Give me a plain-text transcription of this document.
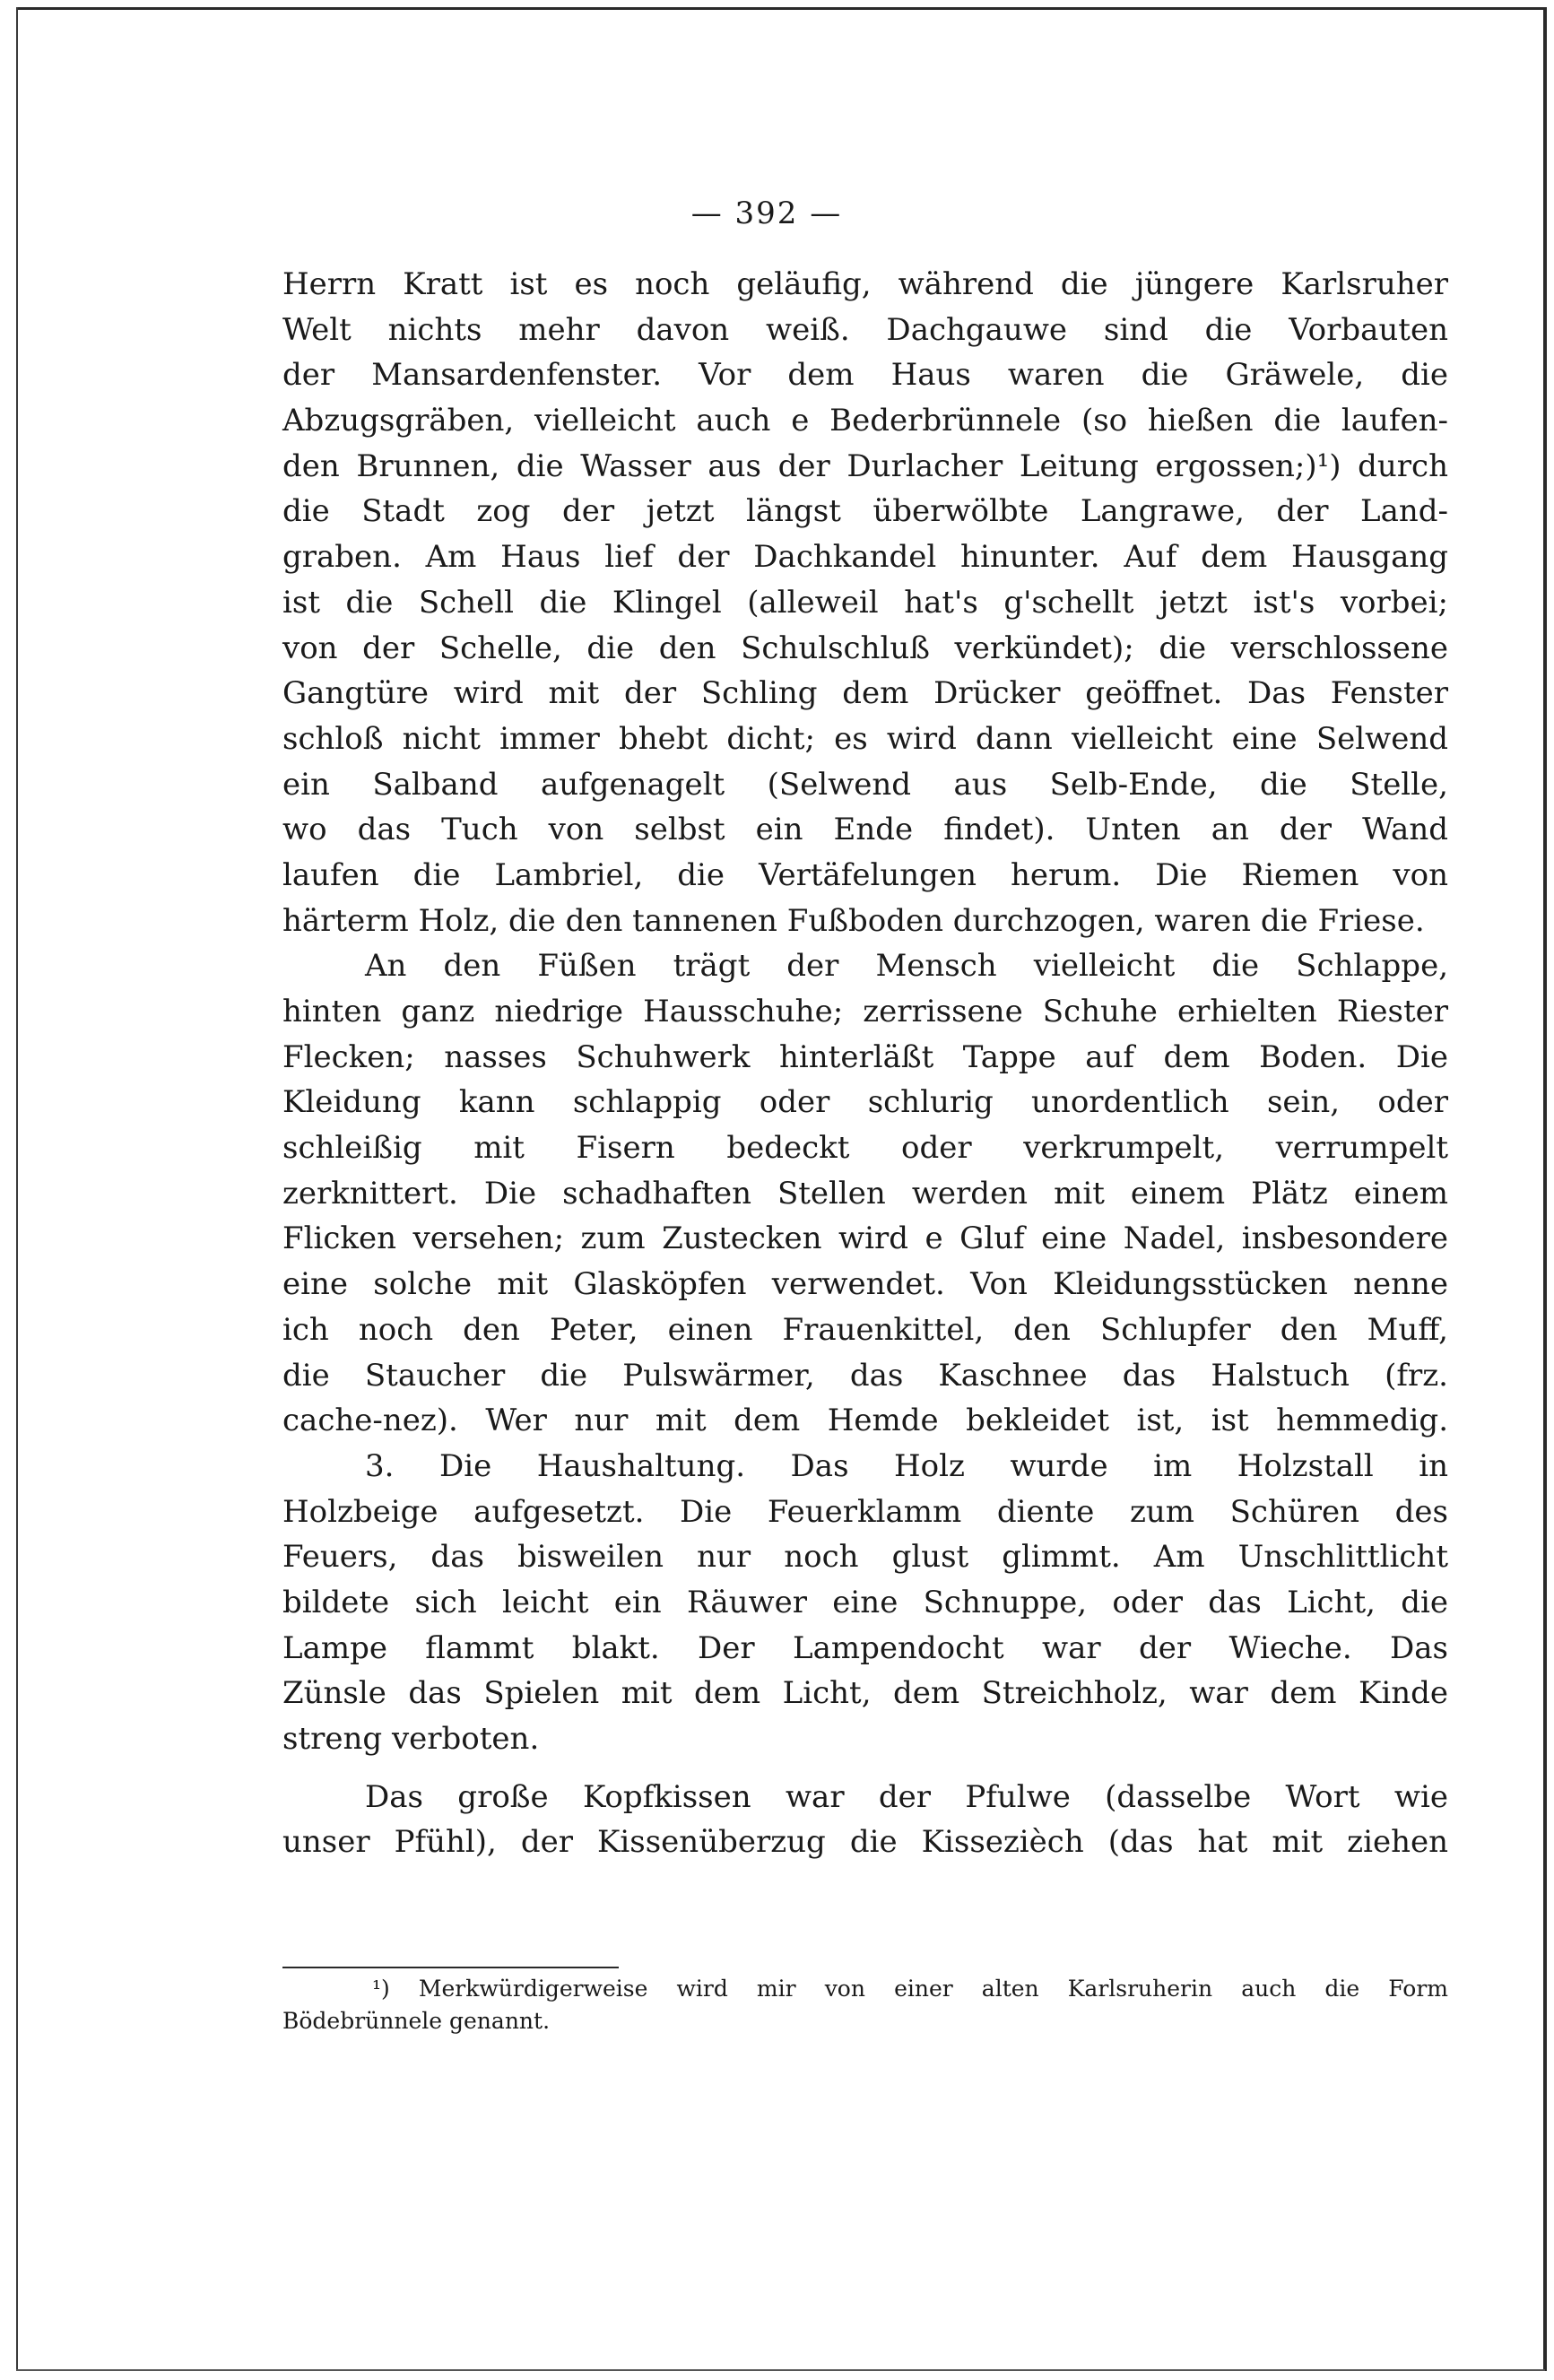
— 392 —
Herrn Kratt ist es noch geläufig, während die jüngere Karlsruher
Welt nichts mehr davon weiß. Dachgauwe sind die Vorbauten
der Mansardenfenster. Vor dem Haus waren die Gräwele, die
Abzugsgräben, vielleicht auch e Bederbrünnele (so hießen die laufen-
den Brunnen, die Wasser aus der Durlacher Leitung ergossen;)¹) durch
die Stadt zog der jetzt längst überwölbte Langrawe, der Land-
graben. Am Haus lief der Dachkandel hinunter. Auf dem Hausgang
ist die Schell die Klingel (alleweil hat's g'schellt jetzt ist's vorbei;
von der Schelle, die den Schulschluß verkündet); die verschlossene
Gangtüre wird mit der Schling dem Drücker geöffnet. Das Fenster
schloß nicht immer bhebt dicht; es wird dann vielleicht eine Selwend
ein Salband aufgenagelt (Selwend aus Selb-Ende, die Stelle,
wo das Tuch von selbst ein Ende findet). Unten an der Wand
laufen die Lambriel, die Vertäfelungen herum. Die Riemen von
härterm Holz, die den tannenen Fußboden durchzogen, waren die Friese.
An den Füßen trägt der Mensch vielleicht die Schlappe,
hinten ganz niedrige Hausschuhe; zerrissene Schuhe erhielten Riester
Flecken; nasses Schuhwerk hinterläßt Tappe auf dem Boden. Die
Kleidung kann schlappig oder schlurig unordentlich sein, oder
schleißig mit Fisern bedeckt oder verkrumpelt, verrumpelt
zerknittert. Die schadhaften Stellen werden mit einem Plätz einem
Flicken versehen; zum Zustecken wird e Gluf eine Nadel, insbesondere
eine solche mit Glasköpfen verwendet. Von Kleidungsstücken nenne
ich noch den Peter, einen Frauenkittel, den Schlupfer den Muff,
die Staucher die Pulswärmer, das Kaschnee das Halstuch (frz.
cache-nez). Wer nur mit dem Hemde bekleidet ist, ist hemmedig.
3. Die Haushaltung. Das Holz wurde im Holzstall in
Holzbeige aufgesetzt. Die Feuerklamm diente zum Schüren des
Feuers, das bisweilen nur noch glust glimmt. Am Unschlittlicht
bildete sich leicht ein Räuwer eine Schnuppe, oder das Licht, die
Lampe flammt blakt. Der Lampendocht war der Wieche. Das
Zünsle das Spielen mit dem Licht, dem Streichholz, war dem Kinde
streng verboten.
Das große Kopfkissen war der Pfulwe (dasselbe Wort wie
unser Pfühl), der Kissenüberzug die Kissezièch (das hat mit ziehen
¹) Merkwürdigerweise wird mir von einer alten Karlsruherin auch die Form
Bödebrünnele genannt.
